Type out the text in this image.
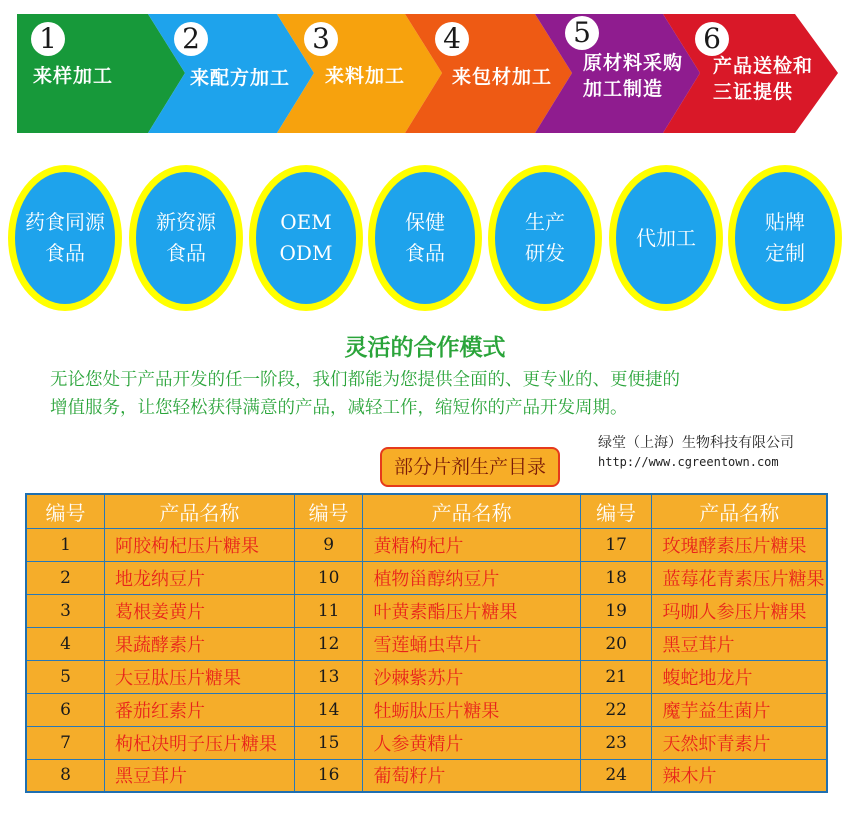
1
来样加工
2
来配方加工
3
来料加工
4
来包材加工
5
原材料采购
加工制造
6
产品送检和
三证提供
药食同源
食品
新资源
食品
OEM
ODM
保健
食品
生产
研发
代加工
贴牌
定制
灵活的合作模式
无论您处于产品开发的任一阶段，我们都能为您提供全面的、更专业的、更便捷的
增值服务，让您轻松获得满意的产品，减轻工作，缩短你的产品开发周期。
部分片剂生产目录
绿堂（上海）生物科技有限公司
http://www.cgreentown.com
编号	产品名称	编号	产品名称	编号	产品名称
1	阿胶枸杞压片糖果	9	黄精枸杞片	17	玫瑰酵素压片糖果
2	地龙纳豆片	10	植物甾醇纳豆片	18	蓝莓花青素压片糖果
3	葛根姜黄片	11	叶黄素酯压片糖果	19	玛咖人参压片糖果
4	果蔬酵素片	12	雪莲蛹虫草片	20	黑豆茸片
5	大豆肽压片糖果	13	沙棘紫苏片	21	蝮蛇地龙片
6	番茄红素片	14	牡蛎肽压片糖果	22	魔芋益生菌片
7	枸杞决明子压片糖果	15	人参黄精片	23	天然虾青素片
8	黑豆茸片	16	葡萄籽片	24	辣木片
